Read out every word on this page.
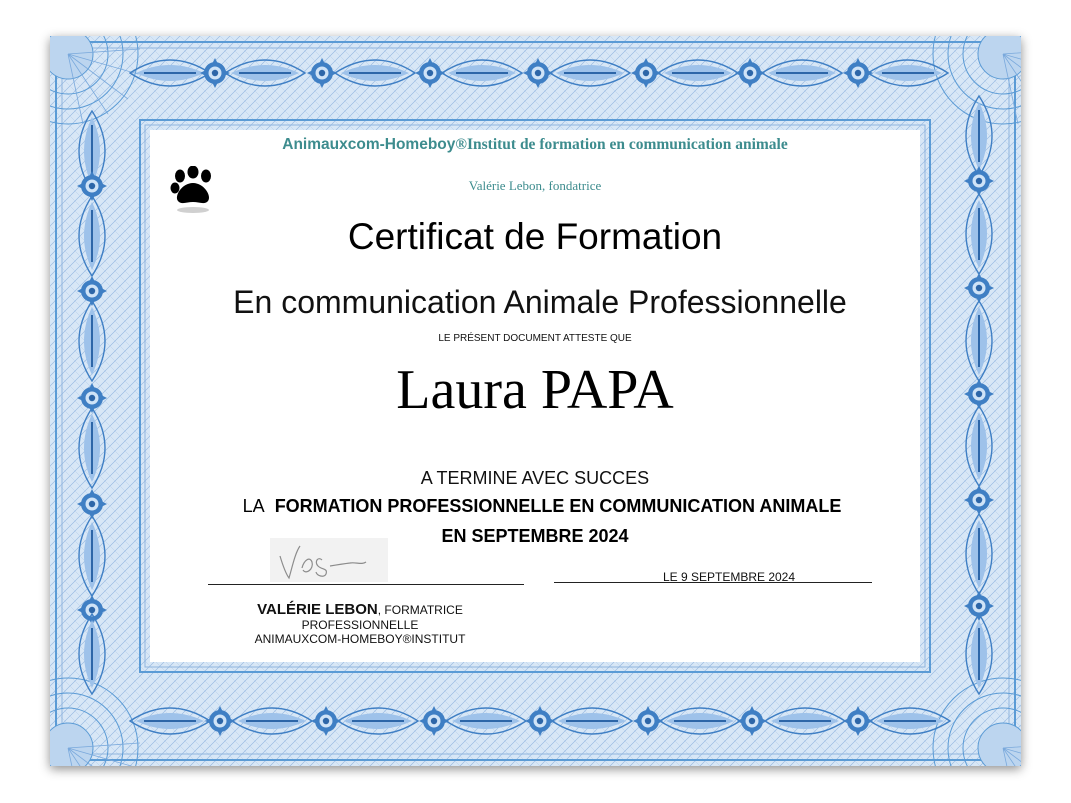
Animauxcom-Homeboy®Institut de formation en communication animale
Valérie Lebon, fondatrice
Certificat de Formation
En communication Animale Professionnelle
LE PRÉSENT DOCUMENT ATTESTE QUE
Laura PAPA
A TERMINE AVEC SUCCES
LA FORMATION PROFESSIONNELLE EN COMMUNICATION ANIMALE
EN SEPTEMBRE 2024
LE 9 SEPTEMBRE 2024
VALÉRIE LEBON, FORMATRICE
PROFESSIONNELLE
ANIMAUXCOM-HOMEBOY®INSTITUT
